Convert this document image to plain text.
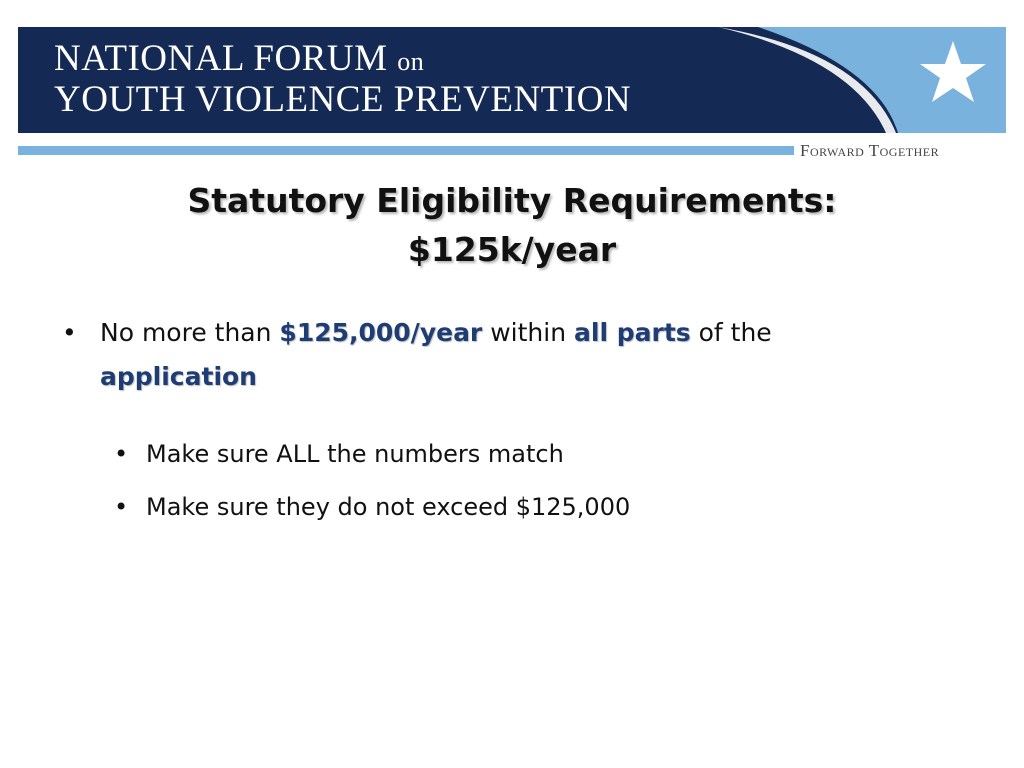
NATIONAL FORUM on
YOUTH VIOLENCE PREVENTION
Forward Together
Statutory Eligibility Requirements:
$125k/year
• No more than $125,000/year within all parts of the application
• Make sure ALL the numbers match
• Make sure they do not exceed $125,000
